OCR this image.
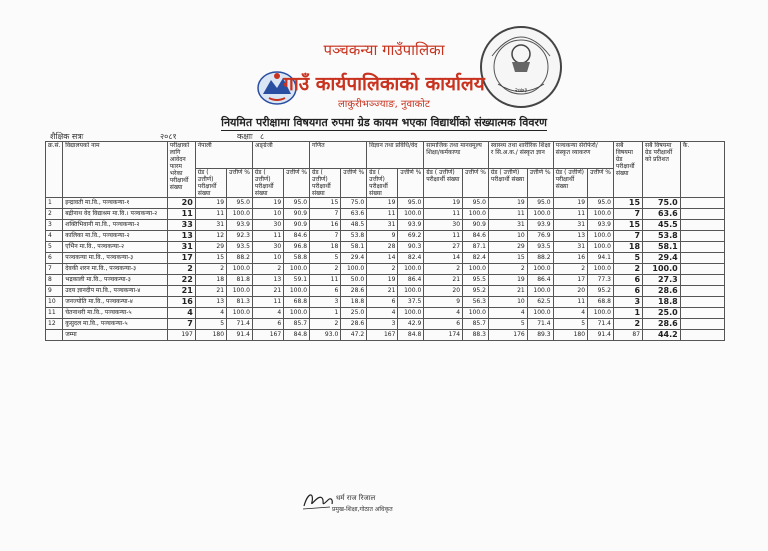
२०७३
पञ्चकन्या गाउँपालिका
गाउँ कार्यपालिकाको कार्यालय
लाकुरीभञ्ज्याङ, नुवाकोट
नियमित परीक्षामा विषयगत रुपमा ग्रेड कायम भएका विद्यार्थीको संख्यात्मक विवरण
शैक्षिक सत्रः	२०८१	कक्षाः ८
क्र.सं.	विद्यालयको नाम	परीक्षाको लागि आवेदन फारम भरेका परीक्षार्थी संख्या	नेपाली		अङ्ग्रेजी		गणित		विज्ञान तथा प्रविधि/वेद		सामाजिक तथा मानवमूल्य शिक्षा/कर्मकाण्ड		स्वास्थ्य तथा शारीरिक शिक्षा र सि.अ.क./ संस्कृत ज्ञान		पञ्चकन्या सेरोफेरो/ संस्कृत व्याकरण		सबै विषयमा ग्रेड परीक्षार्थी संख्या	सबै विषयमा ग्रेड परीक्षार्थी को प्रतिशत	कै.
			ग्रेड ( उत्तीर्ण) परीक्षार्थी संख्या	उत्तीर्ण %	ग्रेड ( उत्तीर्ण) परीक्षार्थी संख्या	उत्तीर्ण %	ग्रेड ( उत्तीर्ण) परीक्षार्थी संख्या	उत्तीर्ण %	ग्रेड ( उत्तीर्ण) परीक्षार्थी संख्या	उत्तीर्ण %	ग्रेड ( उत्तीर्ण) परीक्षार्थी संख्या	उत्तीर्ण %	ग्रेड ( उत्तीर्ण) परीक्षार्थी संख्या	उत्तीर्ण %	ग्रेड ( उत्तीर्ण) परीक्षार्थी संख्या	उत्तीर्ण %			
1	इन्द्रावती मा.वि., पञ्चकन्या-१	20	19	95.0	19	95.0	15	75.0	19	95.0	19	95.0	19	95.0	19	95.0	15	75.0	
2	बद्रीनाथ वेद विद्याश्रम मा.वि.। पञ्चकन्या-२	11	11	100.0	10	90.9	7	63.6	11	100.0	11	100.0	11	100.0	11	100.0	7	63.6	
3	शक्तिभिवानी मा.वि., पञ्चकन्या-२	33	31	93.9	30	90.9	16	48.5	31	93.9	30	90.9	31	93.9	31	93.9	15	45.5	
4	कालिका मा.वि., पञ्चकन्या-२	13	12	92.3	11	84.6	7	53.8	9	69.2	11	84.6	10	76.9	13	100.0	7	53.8	
5	एभिेन मा.वि., पञ्चकन्या-२	31	29	93.5	30	96.8	18	58.1	28	90.3	27	87.1	29	93.5	31	100.0	18	58.1	
6	पञ्चकन्या मा.वि., पञ्चकन्या-३	17	15	88.2	10	58.8	5	29.4	14	82.4	14	82.4	15	88.2	16	94.1	5	29.4	
7	देवकी शरन मा.वि., पञ्चकन्या-३	2	2	100.0	2	100.0	2	100.0	2	100.0	2	100.0	2	100.0	2	100.0	2	100.0	
8	भद्रकाली मा.वि., पञ्चकन्या-३	22	18	81.8	13	59.1	11	50.0	19	86.4	21	95.5	19	86.4	17	77.3	6	27.3	
9	उदय ज्ञानदीप मा.वि., पञ्चकन्या-४	21	21	100.0	21	100.0	6	28.6	21	100.0	20	95.2	21	100.0	20	95.2	6	28.6	
10	जनज्योति मा.वि., पञ्चकन्या-४	16	13	81.3	11	68.8	3	18.8	6	37.5	9	56.3	10	62.5	11	68.8	3	18.8	
11	चेतनाथरी मा.वि., पञ्चकन्या-५	4	4	100.0	4	100.0	1	25.0	4	100.0	4	100.0	4	100.0	4	100.0	1	25.0	
12	कुसुदल मा.वि., पञ्चकन्या-५	7	5	71.4	6	85.7	2	28.6	3	42.9	6	85.7	5	71.4	5	71.4	2	28.6	
	जम्मा	197	180	91.4	167	84.8	93.0	47.2	167	84.8	174	88.3	176	89.3	180	91.4	87	44.2	
धर्म राज रिजाल
प्रमुख-शिक्षा,गोठात अधिकृत
